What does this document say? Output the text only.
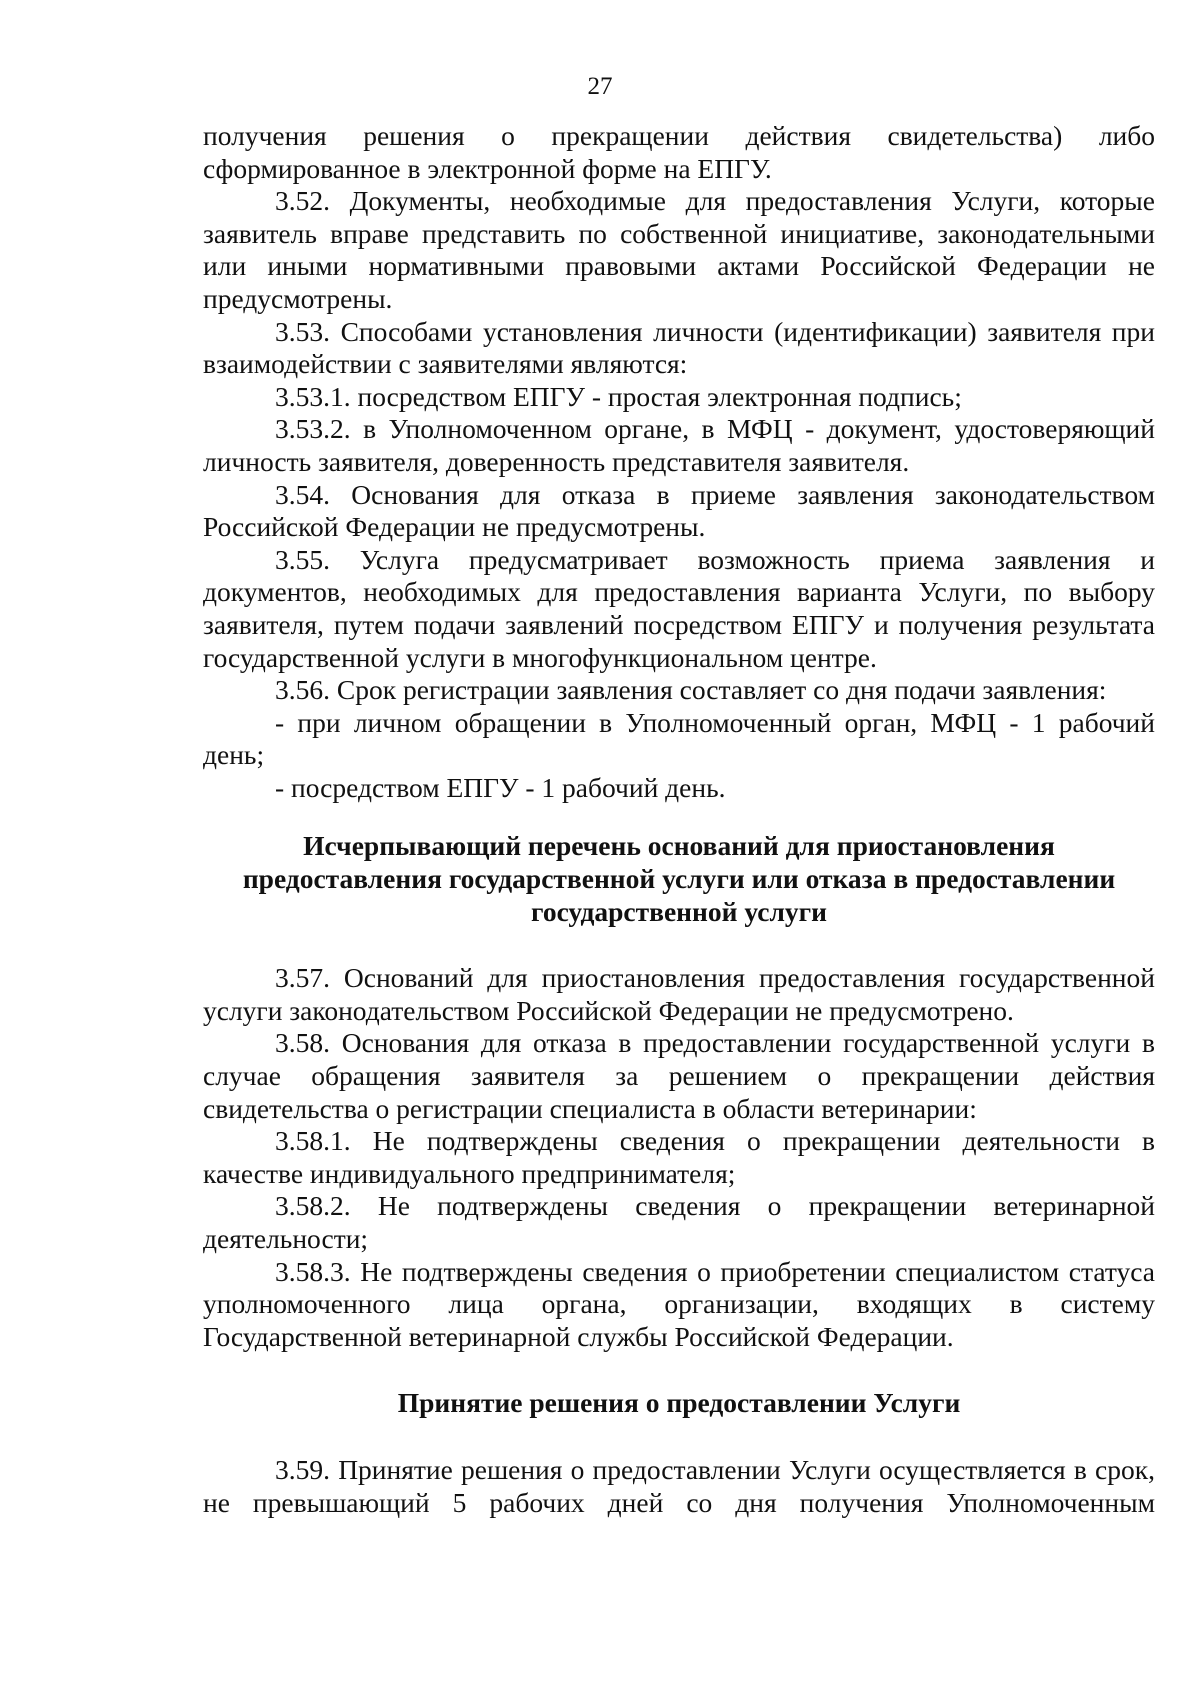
27

получения решения о прекращении действия свидетельства) либо сформированное в электронной форме на ЕПГУ.

3.52. Документы, необходимые для предоставления Услуги, которые заявитель вправе представить по собственной инициативе, законодательными или иными нормативными правовыми актами Российской Федерации не предусмотрены.

3.53. Способами установления личности (идентификации) заявителя при взаимодействии с заявителями являются:

3.53.1. посредством ЕПГУ - простая электронная подпись;

3.53.2. в Уполномоченном органе, в МФЦ - документ, удостоверяющий личность заявителя, доверенность представителя заявителя.

3.54. Основания для отказа в приеме заявления законодательством Российской Федерации не предусмотрены.

3.55. Услуга предусматривает возможность приема заявления и документов, необходимых для предоставления варианта Услуги, по выбору заявителя, путем подачи заявлений посредством ЕПГУ и получения результата государственной услуги в многофункциональном центре.

3.56. Срок регистрации заявления составляет со дня подачи заявления:

- при личном обращении в Уполномоченный орган, МФЦ - 1 рабочий день;

- посредством ЕПГУ - 1 рабочий день.

Исчерпывающий перечень оснований для приостановления
предоставления государственной услуги или отказа в предоставлении
государственной услуги

3.57. Оснований для приостановления предоставления государственной услуги законодательством Российской Федерации не предусмотрено.

3.58. Основания для отказа в предоставлении государственной услуги в случае обращения заявителя за решением о прекращении действия свидетельства о регистрации специалиста в области ветеринарии:

3.58.1. Не подтверждены сведения о прекращении деятельности в качестве индивидуального предпринимателя;

3.58.2. Не подтверждены сведения о прекращении ветеринарной деятельности;

3.58.3. Не подтверждены сведения о приобретении специалистом статуса уполномоченного лица органа, организации, входящих в систему Государственной ветеринарной службы Российской Федерации.

Принятие решения о предоставлении Услуги

3.59. Принятие решения о предоставлении Услуги осуществляется в срок, не превышающий 5 рабочих дней со дня получения Уполномоченным
